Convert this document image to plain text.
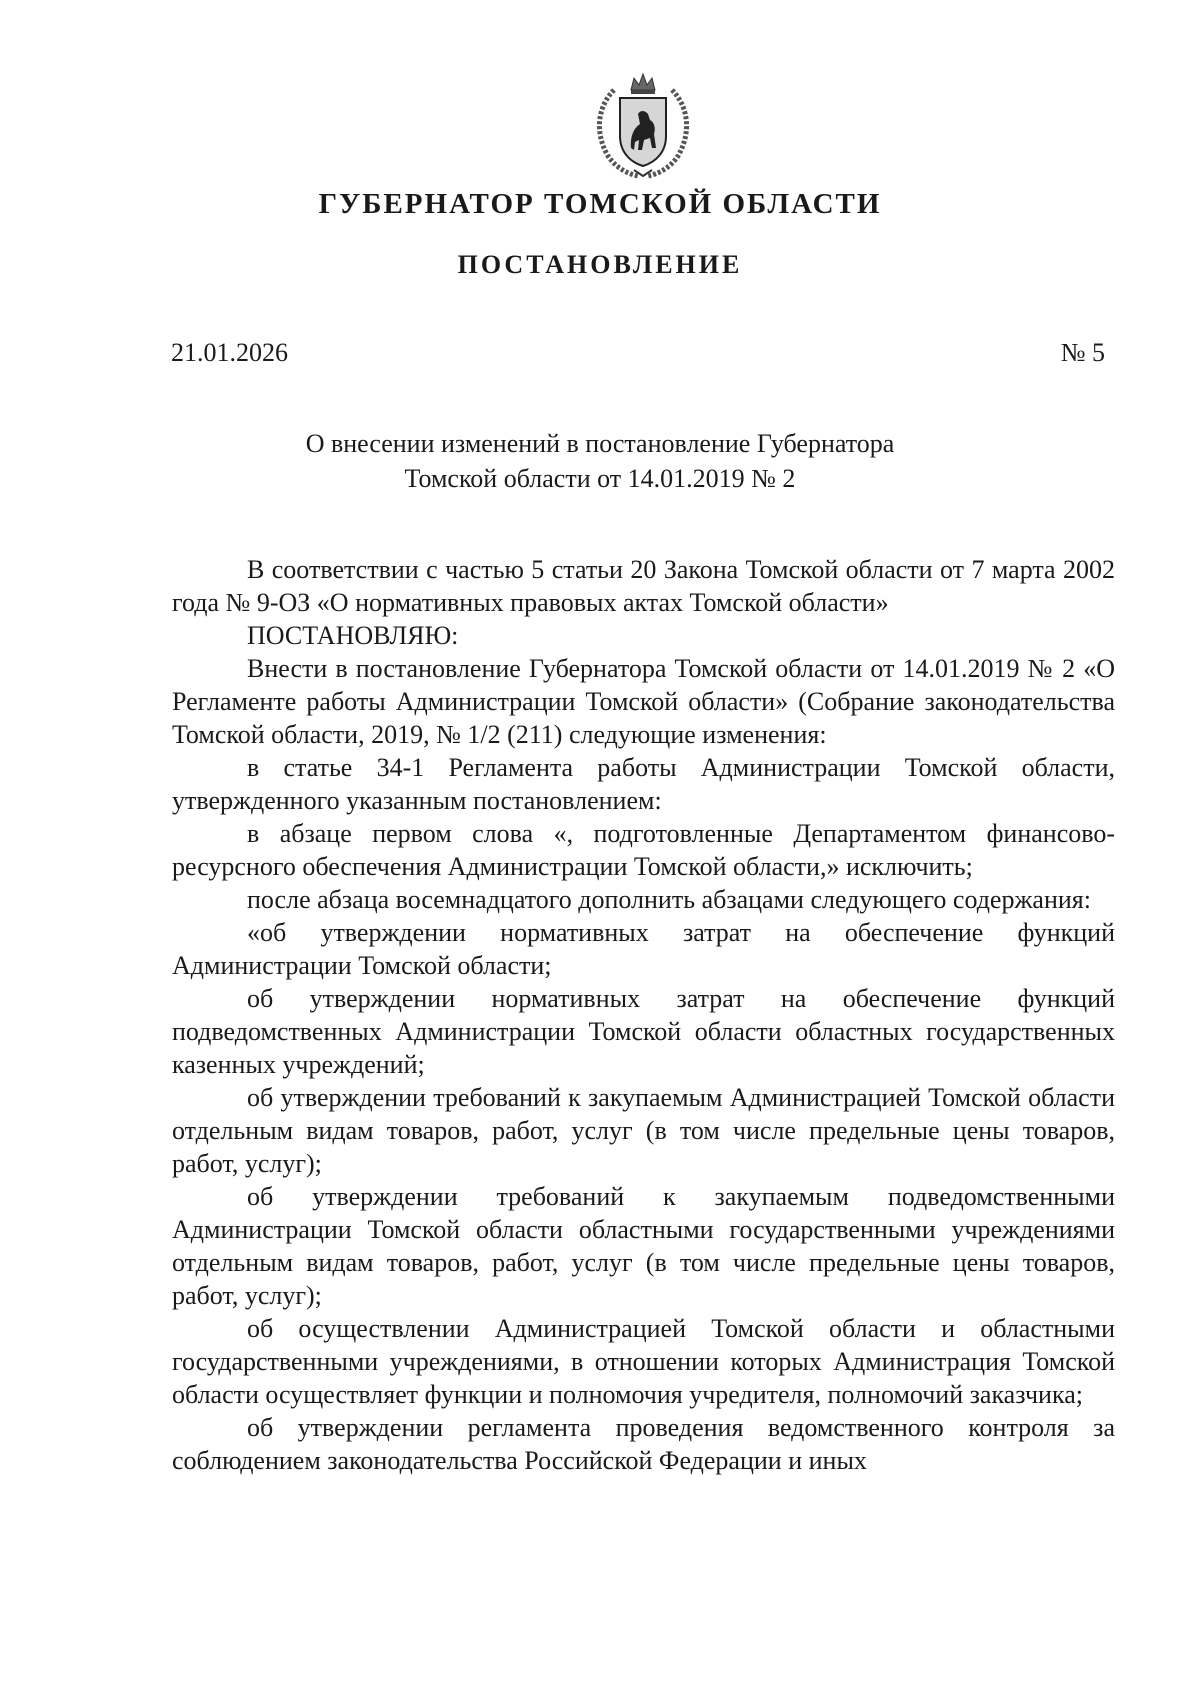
ГУБЕРНАТОР ТОМСКОЙ ОБЛАСТИ
ПОСТАНОВЛЕНИЕ
21.01.2026	№ 5
О внесении изменений в постановление Губернатора
Томской области от 14.01.2019 № 2

В соответствии с частью 5 статьи 20 Закона Томской области от 7 марта 2002 года № 9-ОЗ «О нормативных правовых актах Томской области»

ПОСТАНОВЛЯЮ:

Внести в постановление Губернатора Томской области от 14.01.2019 № 2 «О Регламенте работы Администрации Томской области» (Собрание законодательства Томской области, 2019, № 1/2 (211) следующие изменения:

в статье 34-1 Регламента работы Администрации Томской области, утвержденного указанным постановлением:

в абзаце первом слова «, подготовленные Департаментом финансово-ресурсного обеспечения Администрации Томской области,» исключить;

после абзаца восемнадцатого дополнить абзацами следующего содержания:

«об утверждении нормативных затрат на обеспечение функций Администрации Томской области;

об утверждении нормативных затрат на обеспечение функций подведомственных Администрации Томской области областных государственных казенных учреждений;

об утверждении требований к закупаемым Администрацией Томской области отдельным видам товаров, работ, услуг (в том числе предельные цены товаров, работ, услуг);

об утверждении требований к закупаемым подведомственными Администрации Томской области областными государственными учреждениями отдельным видам товаров, работ, услуг (в том числе предельные цены товаров, работ, услуг);

об осуществлении Администрацией Томской области и областными государственными учреждениями, в отношении которых Администрация Томской области осуществляет функции и полномочия учредителя, полномочий заказчика;

об утверждении регламента проведения ведомственного контроля за соблюдением законодательства Российской Федерации и иных
